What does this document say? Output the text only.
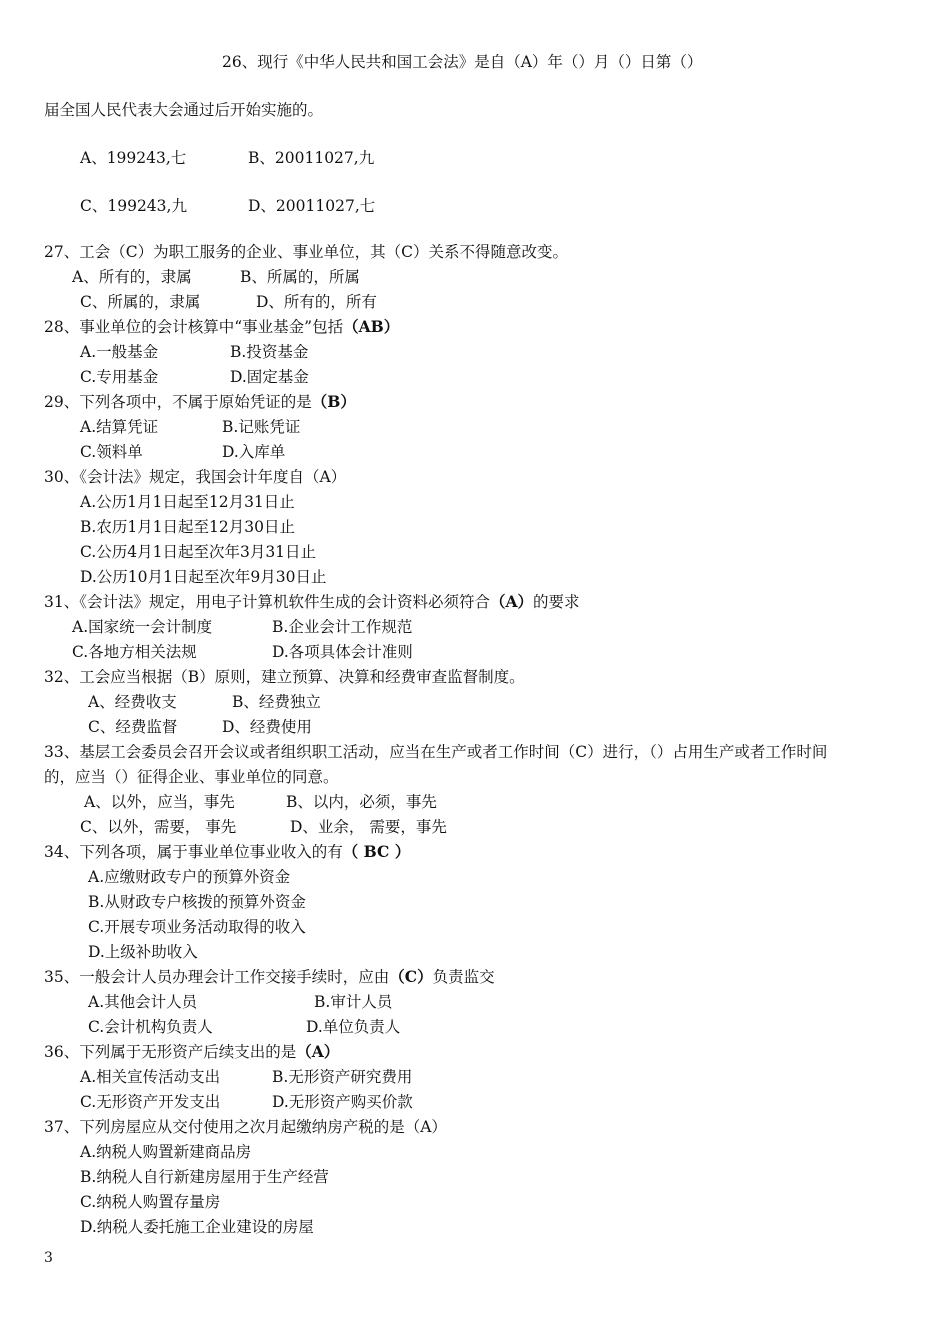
26、现行《中华人民共和国工会法》是自（A）年（）月（）日第（）
届全国人民代表大会通过后开始实施的。
A、199243,七	B、20011027,九
C、199243,九	D、20011027,七
27、工会（C）为职工服务的企业、事业单位，其（C）关系不得随意改变。
A、所有的，隶属	B、所属的，所属
C、所属的，隶属	D、所有的，所有
28、事业单位的会计核算中“事业基金”包括（AB）
A.一般基金	B.投资基金
C.专用基金	D.固定基金
29、下列各项中，不属于原始凭证的是（B）
A.结算凭证	B.记账凭证
C.领料单	D.入库单
30、《会计法》规定，我国会计年度自（A）
A.公历1月1日起至12月31日止
B.农历1月1日起至12月30日止
C.公历4月1日起至次年3月31日止
D.公历10月1日起至次年9月30日止
31、《会计法》规定，用电子计算机软件生成的会计资料必须符合（A）的要求
A.国家统一会计制度	B.企业会计工作规范
C.各地方相关法规	D.各项具体会计准则
32、工会应当根据（B）原则，建立预算、决算和经费审查监督制度。
A、经费收支	B、经费独立
C、经费监督	D、经费使用
33、基层工会委员会召开会议或者组织职工活动，应当在生产或者工作时间（C）进行，（）占用生产或者工作时间
的，应当（）征得企业、事业单位的同意。
A、以外，应当，事先	B、以内，必须，事先
C、以外，需要， 事先	D、业余， 需要，事先
34、下列各项，属于事业单位事业收入的有（ BC ）
A.应缴财政专户的预算外资金
B.从财政专户核拨的预算外资金
C.开展专项业务活动取得的收入
D.上级补助收入
35、一般会计人员办理会计工作交接手续时，应由（C）负责监交
A.其他会计人员	B.审计人员
C.会计机构负责人	D.单位负责人
36、下列属于无形资产后续支出的是（A）
A.相关宣传活动支出	B.无形资产研究费用
C.无形资产开发支出	D.无形资产购买价款
37、下列房屋应从交付使用之次月起缴纳房产税的是（A）
A.纳税人购置新建商品房
B.纳税人自行新建房屋用于生产经营
C.纳税人购置存量房
D.纳税人委托施工企业建设的房屋
3
